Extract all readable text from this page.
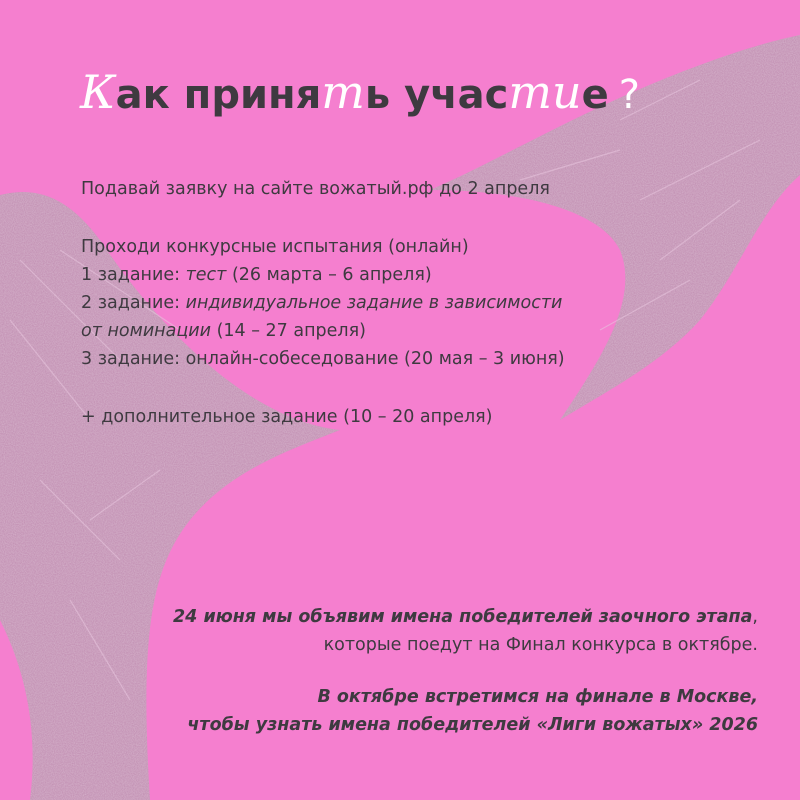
Как принять участие ?
Подавай заявку на сайте вожатый.рф до 2 апреля
Проходи конкурсные испытания (онлайн)
1 задание: тест (26 марта – 6 апреля)
2 задание: индивидуальное задание в зависимости
от номинации (14 – 27 апреля)
3 задание: онлайн-собеседование (20 мая – 3 июня)
+ дополнительное задание (10 – 20 апреля)
24 июня мы объявим имена победителей заочного этапа,
которые поедут на Финал конкурса в октябре.
В октябре встретимся на финале в Москве,
чтобы узнать имена победителей «Лиги вожатых» 2026
